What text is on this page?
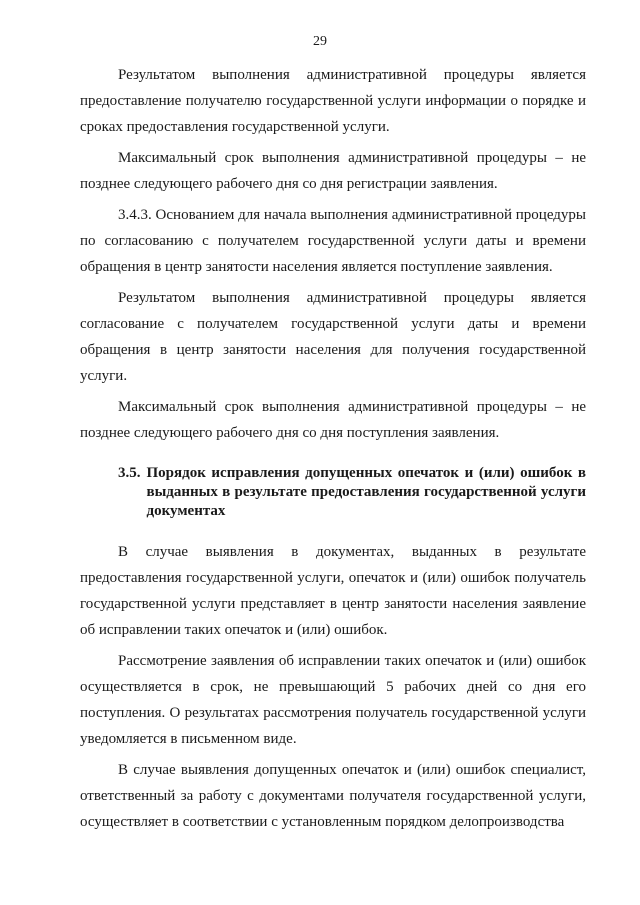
29

Результатом выполнения административной процедуры является предоставление получателю государственной услуги информации о порядке и сроках предоставления государственной услуги.

Максимальный срок выполнения административной процедуры – не позднее следующего рабочего дня со дня регистрации заявления.

3.4.3. Основанием для начала выполнения административной процедуры по согласованию с получателем государственной услуги даты и времени обращения в центр занятости населения является поступление заявления.

Результатом выполнения административной процедуры является согласование с получателем государственной услуги даты и времени обращения в центр занятости населения для получения государственной услуги.

Максимальный срок выполнения административной процедуры – не позднее следующего рабочего дня со дня поступления заявления.

3.5. Порядок исправления допущенных опечаток и (или) ошибок в выданных в результате предоставления государственной услуги документах

В случае выявления в документах, выданных в результате предоставления государственной услуги, опечаток и (или) ошибок получатель государственной услуги представляет в центр занятости населения заявление об исправлении таких опечаток и (или) ошибок.

Рассмотрение заявления об исправлении таких опечаток и (или) ошибок осуществляется в срок, не превышающий 5 рабочих дней со дня его поступления. О результатах рассмотрения получатель государственной услуги уведомляется в письменном виде.

В случае выявления допущенных опечаток и (или) ошибок специалист, ответственный за работу с документами получателя государственной услуги, осуществляет в соответствии с установленным порядком делопроизводства
